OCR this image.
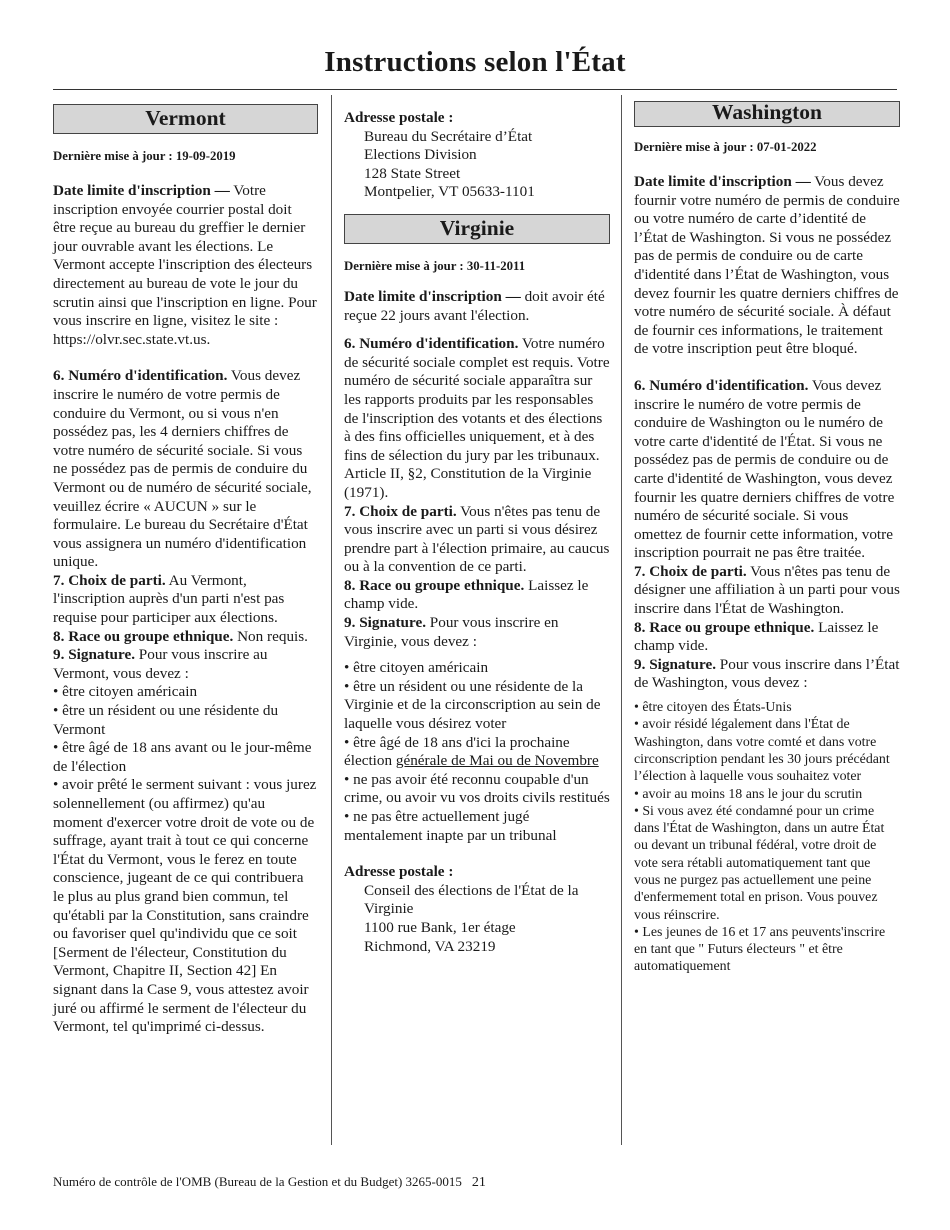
Instructions selon l'État
Vermont
Dernière mise à jour : 19-09-2019

Date limite d'inscription — Votre inscription envoyée courrier postal doit être reçue au bureau du greffier le dernier jour ouvrable avant les élections. Le Vermont accepte l'inscription des électeurs directement au bureau de vote le jour du scrutin ainsi que l'inscription en ligne. Pour vous inscrire en ligne, visitez le site : https://olvr.sec.state.vt.us.

6. Numéro d'identification. Vous devez inscrire le numéro de votre permis de conduire du Vermont, ou si vous n'en possédez pas, les 4 derniers chiffres de votre numéro de sécurité sociale. Si vous ne possédez pas de permis de conduire du Vermont ou de numéro de sécurité sociale, veuillez écrire « AUCUN » sur le formulaire. Le bureau du Secrétaire d'État vous assignera un numéro d'identification unique.

7. Choix de parti. Au Vermont, l'inscription auprès d'un parti n'est pas requise pour participer aux élections.

8. Race ou groupe ethnique. Non requis.

9. Signature. Pour vous inscrire au Vermont, vous devez :

• être citoyen américain

• être un résident ou une résidente du Vermont

• être âgé de 18 ans avant ou le jour-même de l'élection

• avoir prêté le serment suivant : vous jurez solennellement (ou affirmez) qu'au moment d'exercer votre droit de vote ou de suffrage, ayant trait à tout ce qui concerne l'État du Vermont, vous le ferez en toute conscience, jugeant de ce qui contribuera le plus au plus grand bien commun, tel qu'établi par la Constitution, sans craindre ou favoriser quel qu'individu que ce soit [Serment de l'électeur, Constitution du Vermont, Chapitre II, Section 42] En signant dans la Case 9, vous attestez avoir juré ou affirmé le serment de l'électeur du Vermont, tel qu'imprimé ci-dessus.

Adresse postale :

Bureau du Secrétaire d’État

Elections Division

128 State Street

Montpelier, VT 05633-1101

Virginie
Dernière mise à jour : 30-11-2011

Date limite d'inscription — doit avoir été reçue 22 jours avant l'élection.

6. Numéro d'identification. Votre numéro de sécurité sociale complet est requis. Votre numéro de sécurité sociale apparaîtra sur les rapports produits par les responsables de l'inscription des votants et des élections à des fins officielles uniquement, et à des fins de sélection du jury par les tribunaux. Article II, §2, Constitution de la Virginie (1971).

7. Choix de parti. Vous n'êtes pas tenu de vous inscrire avec un parti si vous désirez prendre part à l'élection primaire, au caucus ou à la convention de ce parti.

8. Race ou groupe ethnique. Laissez le champ vide.

9. Signature. Pour vous inscrire en Virginie, vous devez :

• être citoyen américain

• être un résident ou une résidente de la Virginie et de la circonscription au sein de laquelle vous désirez voter

• être âgé de 18 ans d'ici la prochaine élection générale de Mai ou de Novembre

• ne pas avoir été reconnu coupable d'un crime, ou avoir vu vos droits civils restitués

• ne pas être actuellement jugé mentalement inapte par un tribunal

Adresse postale :

Conseil des élections de l'État de la Virginie

1100 rue Bank, 1er étage

Richmond, VA 23219

Washington
Dernière mise à jour : 07-01-2022

Date limite d'inscription — Vous devez fournir votre numéro de permis de conduire ou votre numéro de carte d’identité de l’État de Washington. Si vous ne possédez pas de permis de conduire ou de carte d'identité dans l’État de Washington, vous devez fournir les quatre derniers chiffres de votre numéro de sécurité sociale. À défaut de fournir ces informations, le traitement de votre inscription peut être bloqué.

6. Numéro d'identification. Vous devez inscrire le numéro de votre permis de conduire de Washington ou le numéro de votre carte d'identité de l'État. Si vous ne possédez pas de permis de conduire ou de carte d'identité de Washington, vous devez fournir les quatre derniers chiffres de votre numéro de sécurité sociale. Si vous omettez de fournir cette information, votre inscription pourrait ne pas être traitée.

7. Choix de parti. Vous n'êtes pas tenu de désigner une affiliation à un parti pour vous inscrire dans l'État de Washington.

8. Race ou groupe ethnique. Laissez le champ vide.

9. Signature. Pour vous inscrire dans l’État de Washington, vous devez :

• être citoyen des États-Unis

• avoir résidé légalement dans l'État de Washington, dans votre comté et dans votre circonscription pendant les 30 jours précédant l’élection à laquelle vous souhaitez voter

• avoir au moins 18 ans le jour du scrutin

• Si vous avez été condamné pour un crime dans l'État de Washington, dans un autre État ou devant un tribunal fédéral, votre droit de vote sera rétabli automatiquement tant que vous ne purgez pas actuellement une peine d'enfermement total en prison. Vous pouvez vous réinscrire.

• Les jeunes de 16 et 17 ans peuvents'inscrire en tant que " Futurs électeurs " et être automatiquement

Numéro de contrôle de l'OMB (Bureau de la Gestion et du Budget) 3265-0015 21
